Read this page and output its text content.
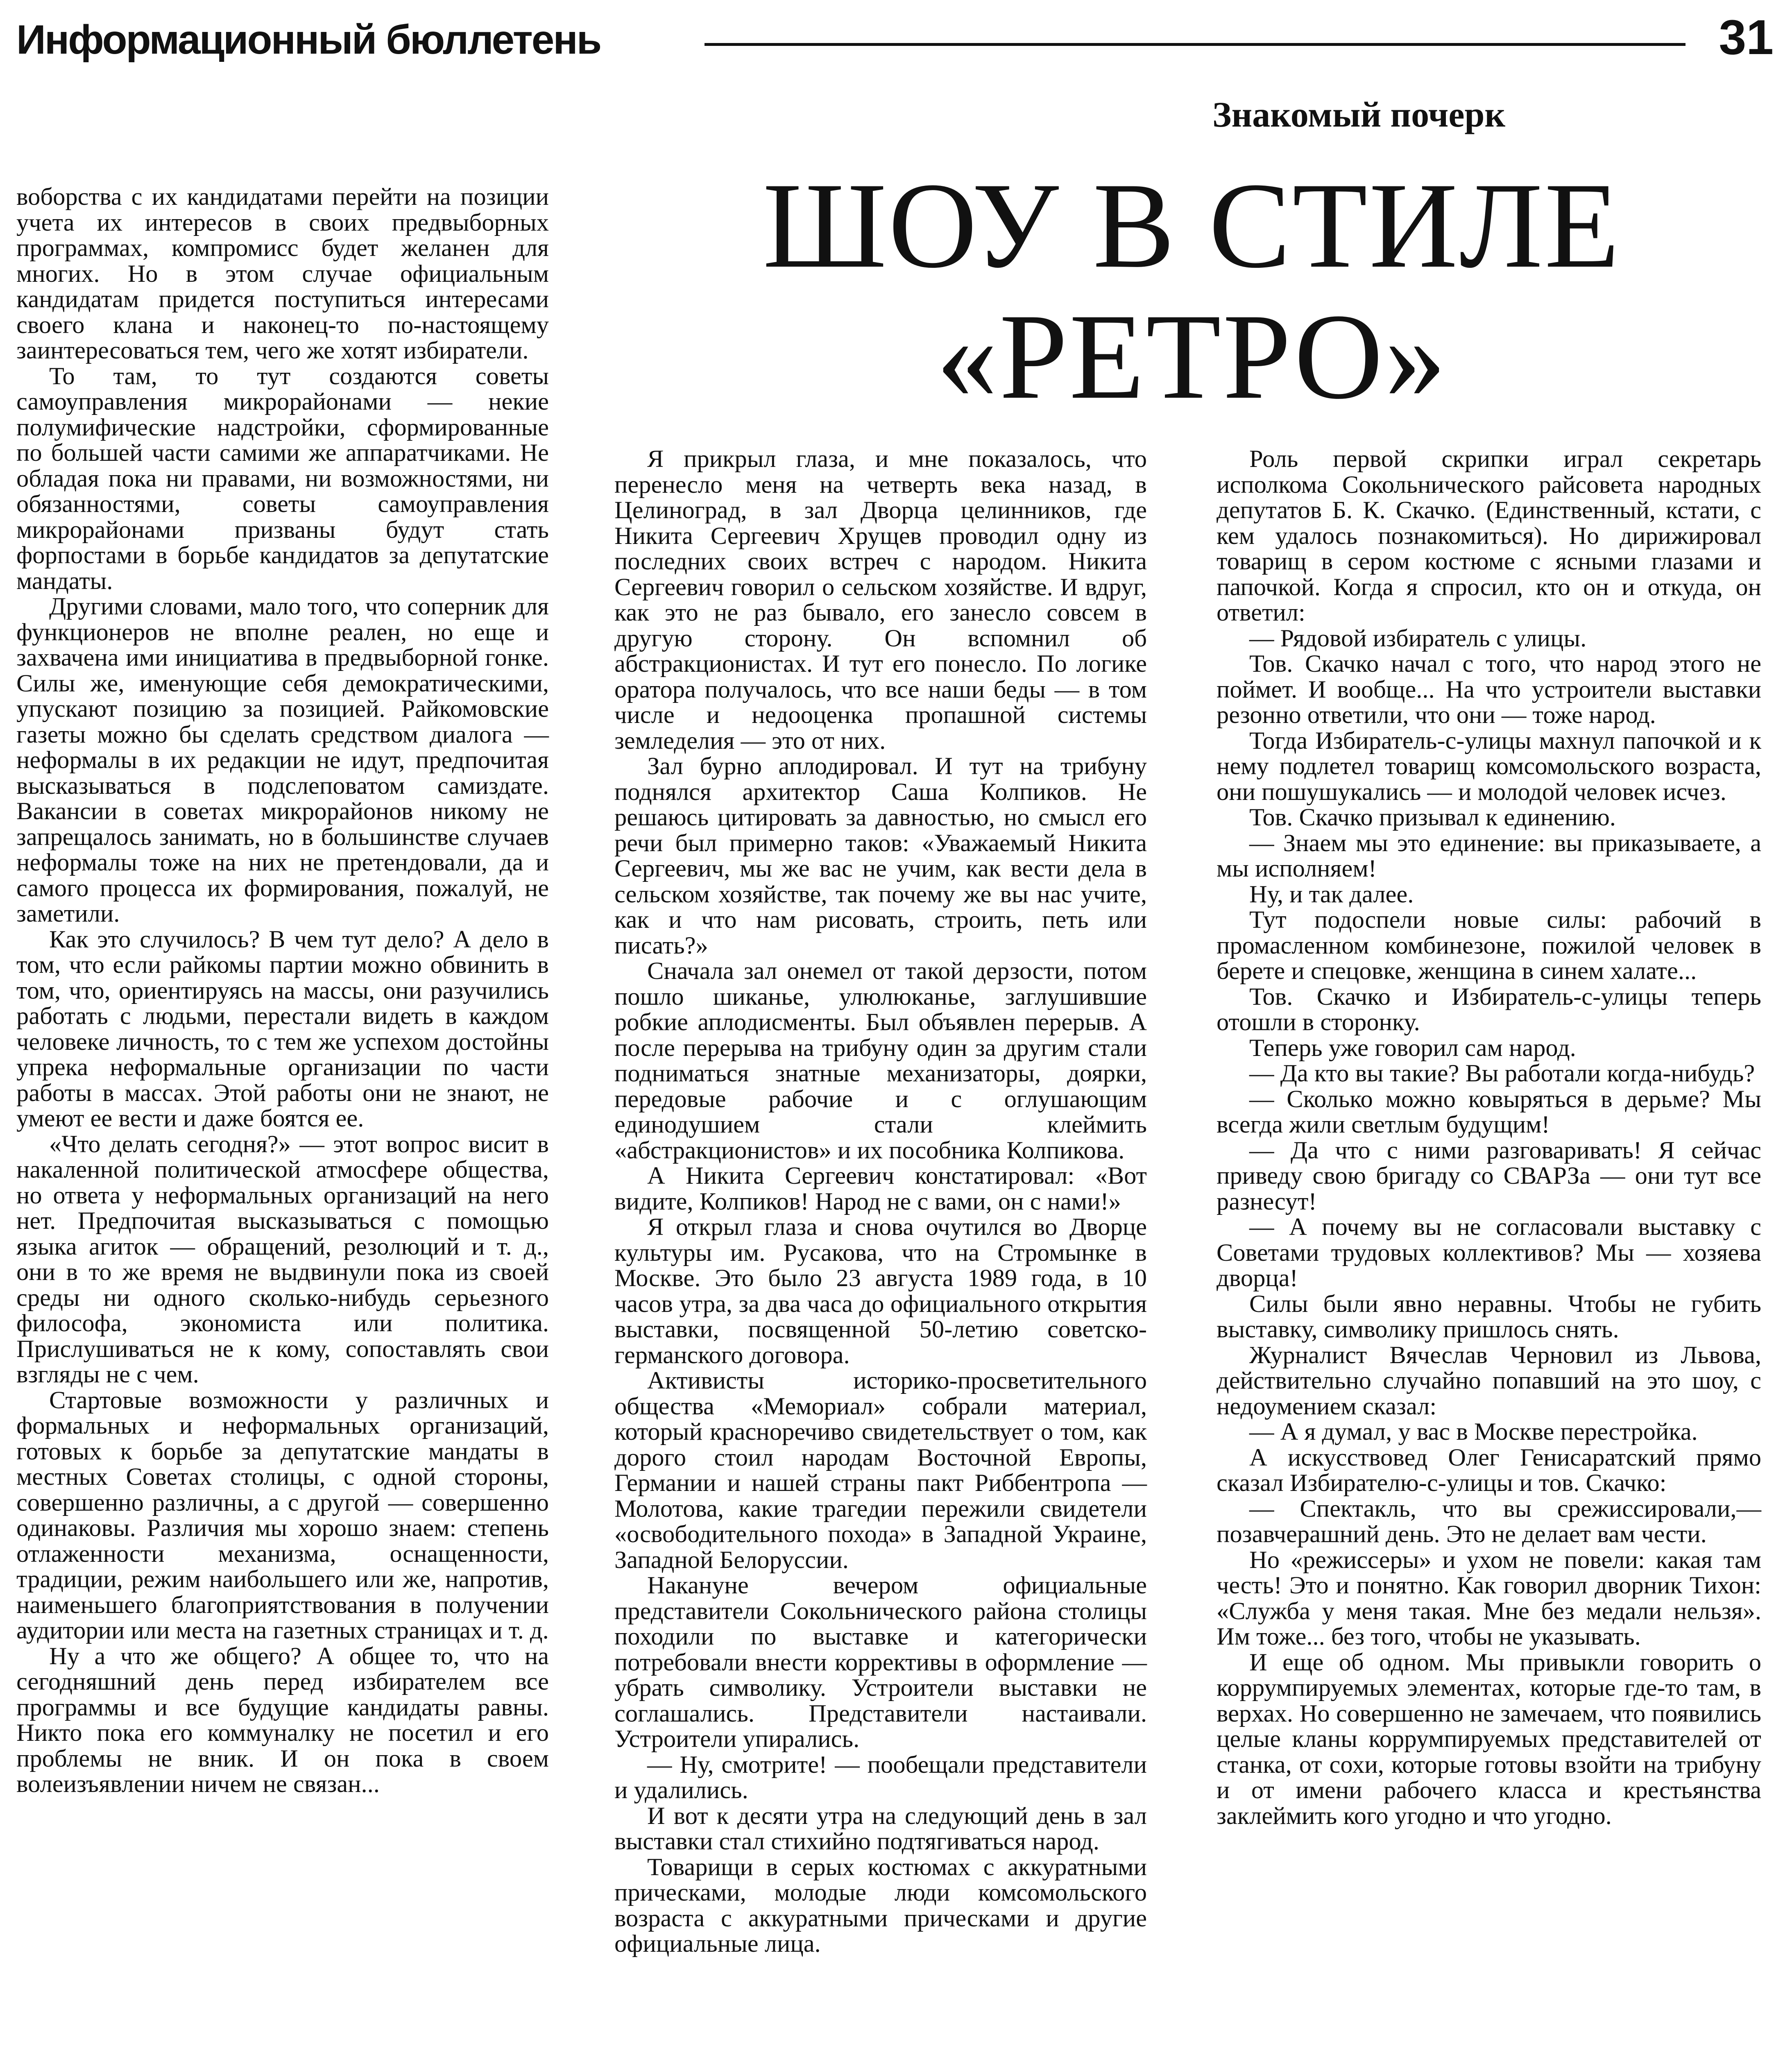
Информационный бюллетень	31
Знакомый почерк
ШОУ В СТИЛЕ
«РЕТРО»

воборства с их кандидатами перейти на позиции учета их интересов в своих предвыборных программах, компромисс будет желанен для многих. Но в этом случае официальным кандидатам придется поступиться интересами своего клана и наконец-то по-настоящему заинтересоваться тем, чего же хотят избиратели.

То там, то тут создаются советы самоуправления микрорайонами — некие полумифические надстройки, сформированные по большей части самими же аппаратчиками. Не обладая пока ни правами, ни возможностями, ни обязанностями, советы самоуправления микрорайонами призваны будут стать форпостами в борьбе кандидатов за депутатские мандаты.

Другими словами, мало того, что соперник для функционеров не вполне реален, но еще и захвачена ими инициатива в предвыборной гонке. Силы же, именующие себя демократическими, упускают позицию за позицией. Райкомовские газеты можно бы сделать средством диалога — неформалы в их редакции не идут, предпочитая высказываться в подслеповатом самиздате. Вакансии в советах микрорайонов никому не запрещалось занимать, но в большинстве случаев неформалы тоже на них не претендовали, да и самого процесса их формирования, пожалуй, не заметили.

Как это случилось? В чем тут дело? А дело в том, что если райкомы партии можно обвинить в том, что, ориентируясь на массы, они разучились работать с людьми, перестали видеть в каждом человеке личность, то с тем же успехом достойны упрека неформальные организации по части работы в массах. Этой работы они не знают, не умеют ее вести и даже боятся ее.

«Что делать сегодня?» — этот вопрос висит в накаленной политической атмосфере общества, но ответа у неформальных организаций на него нет. Предпочитая высказываться с помощью языка агиток — обращений, резолюций и т. д., они в то же время не выдвинули пока из своей среды ни одного сколько-нибудь серьезного философа, экономиста или политика. Прислушиваться не к кому, сопоставлять свои взгляды не с чем.

Стартовые возможности у различных и формальных и неформальных организаций, готовых к борьбе за депутатские мандаты в местных Советах столицы, с одной стороны, совершенно различны, а с другой — совершенно одинаковы. Различия мы хорошо знаем: степень отлаженности механизма, оснащенности, традиции, режим наибольшего или же, напротив, наименьшего благоприятствования в получении аудитории или места на газетных страницах и т. д.

Ну а что же общего? А общее то, что на сегодняшний день перед избирателем все программы и все будущие кандидаты равны. Никто пока его коммуналку не посетил и его проблемы не вник. И он пока в своем волеизъявлении ничем не связан...

Я прикрыл глаза, и мне показалось, что перенесло меня на четверть века назад, в Целиноград, в зал Дворца целинников, где Никита Сергеевич Хрущев проводил одну из последних своих встреч с народом. Никита Сергеевич говорил о сельском хозяйстве. И вдруг, как это не раз бывало, его занесло совсем в другую сторону. Он вспомнил об абстракционистах. И тут его понесло. По логике оратора получалось, что все наши беды — в том числе и недооценка пропашной системы земледелия — это от них.

Зал бурно аплодировал. И тут на трибуну поднялся архитектор Саша Колпиков. Не решаюсь цитировать за давностью, но смысл его речи был примерно таков: «Уважаемый Никита Сергеевич, мы же вас не учим, как вести дела в сельском хозяйстве, так почему же вы нас учите, как и что нам рисовать, строить, петь или писать?»

Сначала зал онемел от такой дерзости, потом пошло шиканье, улюлюканье, заглушившие робкие аплодисменты. Был объявлен перерыв. А после перерыва на трибуну один за другим стали подниматься знатные механизаторы, доярки, передовые рабочие и с оглушающим единодушием стали клеймить «абстракционистов» и их пособника Колпикова.

А Никита Сергеевич констатировал: «Вот видите, Колпиков! Народ не с вами, он с нами!»

Я открыл глаза и снова очутился во Дворце культуры им. Русакова, что на Стромынке в Москве. Это было 23 августа 1989 года, в 10 часов утра, за два часа до официального открытия выставки, посвященной 50-летию советско-германского договора.

Активисты историко-просветительного общества «Мемориал» собрали материал, который красноречиво свидетельствует о том, как дорого стоил народам Восточной Европы, Германии и нашей страны пакт Риббентропа — Молотова, какие трагедии пережили свидетели «освободительного похода» в Западной Украине, Западной Белоруссии.

Накануне вечером официальные представители Сокольнического района столицы походили по выставке и категорически потребовали внести коррективы в оформление — убрать символику. Устроители выставки не соглашались. Представители настаивали. Устроители упирались.

— Ну, смотрите! — пообещали представители и удалились.

И вот к десяти утра на следующий день в зал выставки стал стихийно подтягиваться народ.

Товарищи в серых костюмах с аккуратными прическами, молодые люди комсомольского возраста с аккуратными прическами и другие официальные лица.

Роль первой скрипки играл секретарь исполкома Сокольнического райсовета народных депутатов Б. К. Скачко. (Единственный, кстати, с кем удалось познакомиться). Но дирижировал товарищ в сером костюме с ясными глазами и папочкой. Когда я спросил, кто он и откуда, он ответил:

— Рядовой избиратель с улицы.

Тов. Скачко начал с того, что народ этого не поймет. И вообще... На что устроители выставки резонно ответили, что они — тоже народ.

Тогда Избиратель-с-улицы махнул папочкой и к нему подлетел товарищ комсомольского возраста, они пошушукались — и молодой человек исчез.

Тов. Скачко призывал к единению.

— Знаем мы это единение: вы приказываете, а мы исполняем!

Ну, и так далее.

Тут подоспели новые силы: рабочий в промасленном комбинезоне, пожилой человек в берете и спецовке, женщина в синем халате...

Тов. Скачко и Избиратель-с-улицы теперь отошли в сторонку.

Теперь уже говорил сам народ.

— Да кто вы такие? Вы работали когда-нибудь?

— Сколько можно ковыряться в дерьме? Мы всегда жили светлым будущим!

— Да что с ними разговаривать! Я сейчас приведу свою бригаду со СВАРЗа — они тут все разнесут!

— А почему вы не согласовали выставку с Советами трудовых коллективов? Мы — хозяева дворца!

Силы были явно неравны. Чтобы не губить выставку, символику пришлось снять.

Журналист Вячеслав Черновил из Львова, действительно случайно попавший на это шоу, с недоумением сказал:

— А я думал, у вас в Москве перестройка.

А искусствовед Олег Генисаратский прямо сказал Избирателю-с-улицы и тов. Скачко:

— Спектакль, что вы срежиссировали,— позавчерашний день. Это не делает вам чести.

Но «режиссеры» и ухом не повели: какая там честь! Это и понятно. Как говорил дворник Тихон: «Служба у меня такая. Мне без медали нельзя». Им тоже... без того, чтобы не указывать.

И еще об одном. Мы привыкли говорить о коррумпируемых элементах, которые где-то там, в верхах. Но совершенно не замечаем, что появились целые кланы коррумпируемых представителей от станка, от сохи, которые готовы взойти на трибуну и от имени рабочего класса и крестьянства заклеймить кого угодно и что угодно.
